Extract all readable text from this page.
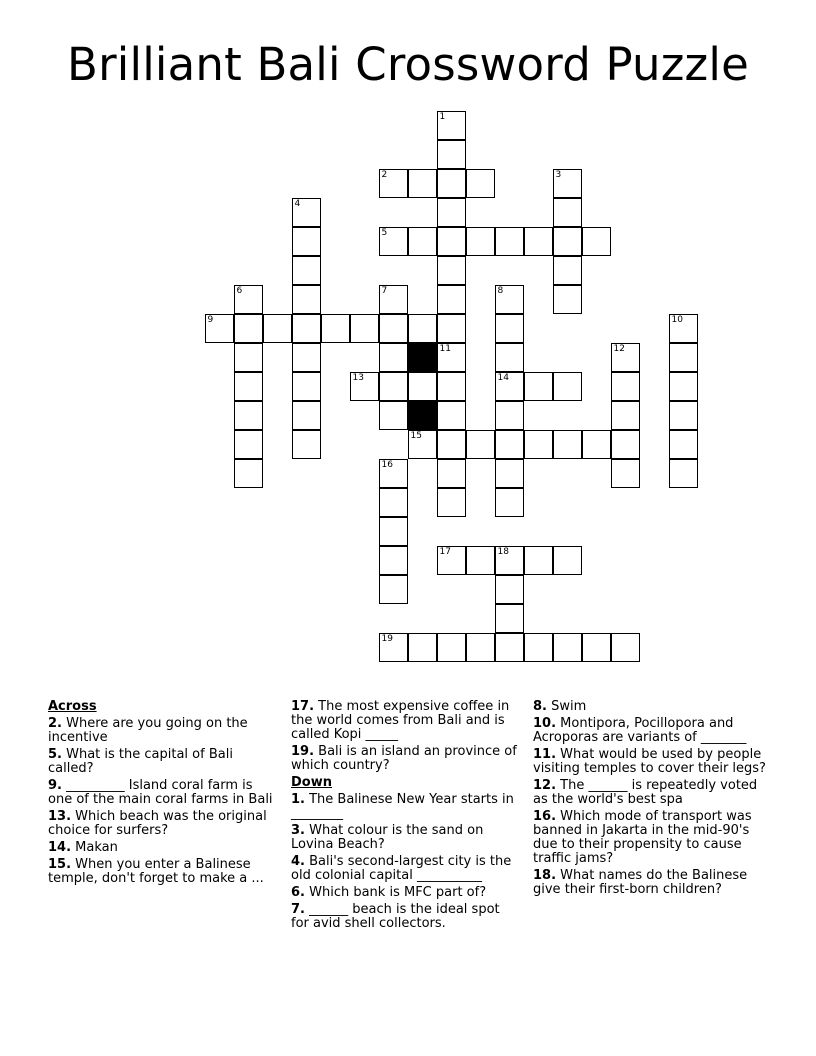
Brilliant Bali Crossword Puzzle
1
2	3
4
5
6	7	8
9	10
11	12
13	14
15
16
17	18
19
Across
2. Where are you going on the incentive
5. What is the capital of Bali called?
9. _________ Island coral farm is one of the main coral farms in Bali
13. Which beach was the original choice for surfers?
14. Makan
15. When you enter a Balinese temple, don't forget to make a ...
17. The most expensive coffee in the world comes from Bali and is called Kopi _____
19. Bali is an island an province of which country?
Down
1. The Balinese New Year starts in ________
3. What colour is the sand on Lovina Beach?
4. Bali's second-largest city is the old colonial capital __________
6. Which bank is MFC part of?
7. ______ beach is the ideal spot for avid shell collectors.
8. Swim
10. Montipora, Pocillopora and Acroporas are variants of _______
11. What would be used by people visiting temples to cover their legs?
12. The ______ is repeatedly voted as the world's best spa
16. Which mode of transport was banned in Jakarta in the mid-90's due to their propensity to cause traffic jams?
18. What names do the Balinese give their first-born children?
